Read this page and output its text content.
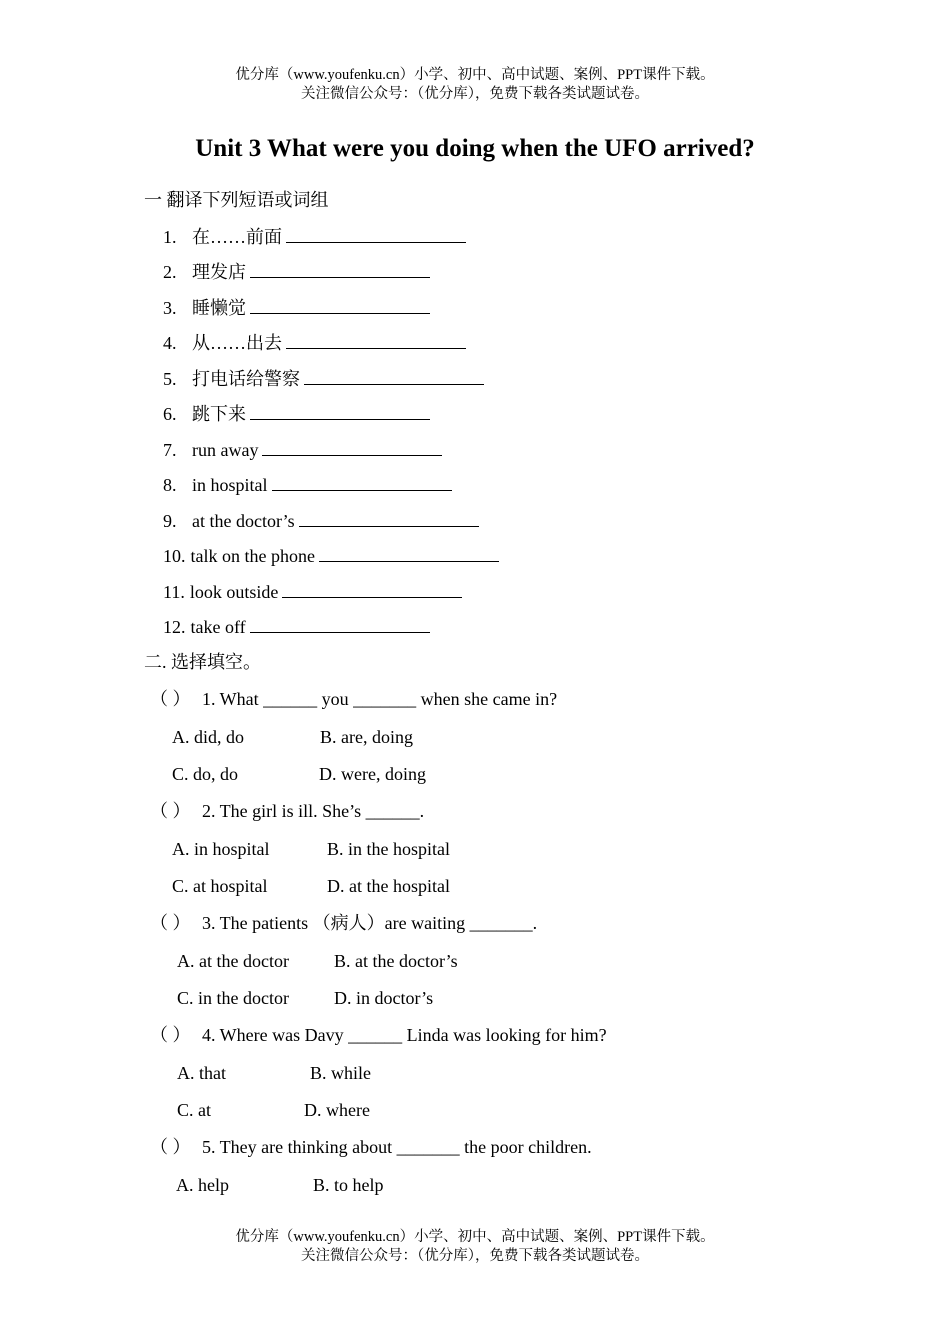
优分库（www.youfenku.cn）小学、初中、高中试题、案例、PPT课件下载。
关注微信公众号：（优分库），免费下载各类试题试卷。
Unit 3 What were you doing when the UFO arrived?
一 翻译下列短语或词组
1. 在……前面
2. 理发店
3. 睡懒觉
4. 从……出去
5. 打电话给警察
6. 跳下来
7. run away
8. in hospital
9. at the doctor’s
10. talk on the phone
11. look outside
12. take off
二. 选择填空。
（ ） 1. What ______ you _______ when she came in?
A. did, do	B. are, doing
C. do, do	D. were, doing
（ ） 2. The girl is ill. She’s ______.
A. in hospital	B. in the hospital
C. at hospital	D. at the hospital
（ ） 3. The patients （病人）are waiting _______.
A. at the doctor	B. at the doctor’s
C. in the doctor	D. in doctor’s
（ ） 4. Where was Davy ______ Linda was looking for him?
A. that	B. while
C. at	D. where
（ ） 5. They are thinking about _______ the poor children.
A. help	B. to help
优分库（www.youfenku.cn）小学、初中、高中试题、案例、PPT课件下载。
关注微信公众号：（优分库），免费下载各类试题试卷。
